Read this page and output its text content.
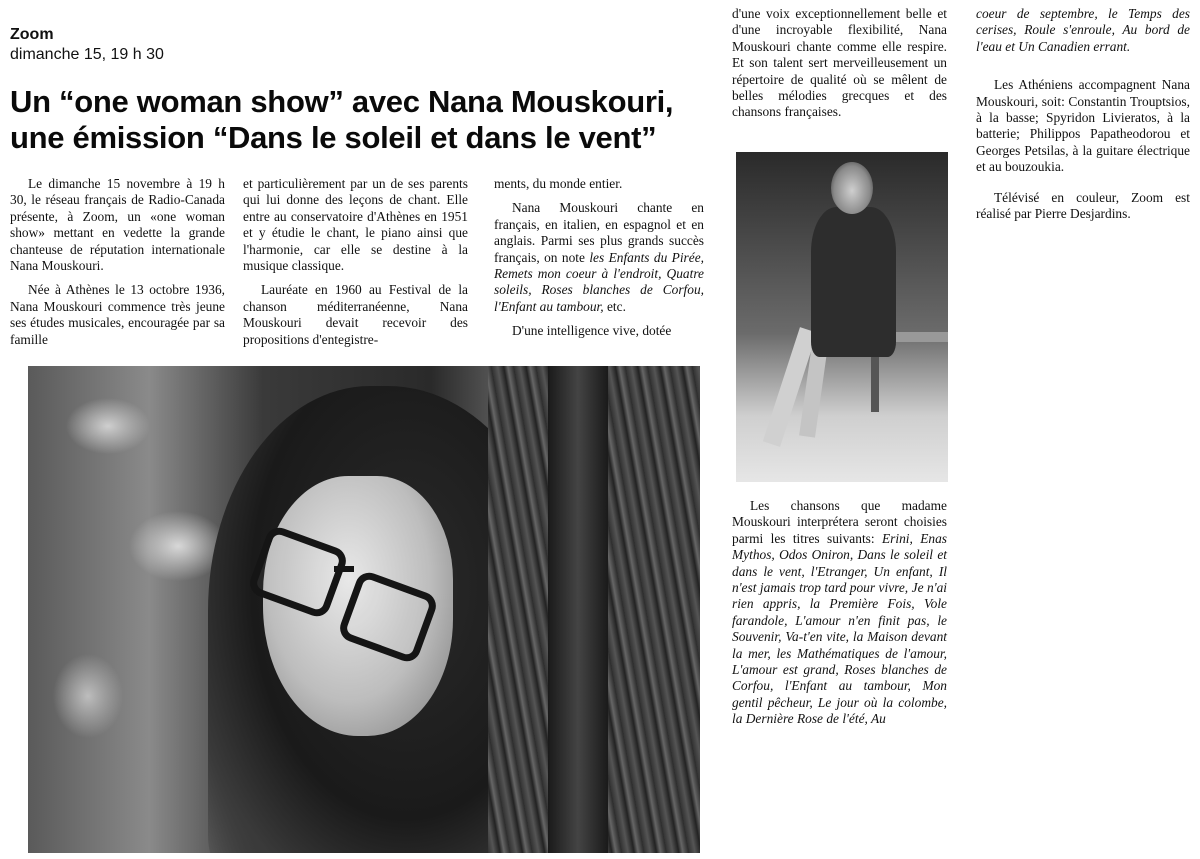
Zoom
dimanche 15, 19 h 30
Un “one woman show” avec Nana Mouskouri,
une émission “Dans le soleil et dans le vent”

Le dimanche 15 novembre à 19 h 30, le réseau français de Radio-Canada présente, à Zoom, un «one woman show» mettant en vedette la grande chanteuse de réputation internationale Nana Mouskouri.

Née à Athènes le 13 octobre 1936, Nana Mouskouri commence très jeune ses études musicales, encouragée par sa famille

et particulièrement par un de ses parents qui lui donne des leçons de chant. Elle entre au conservatoire d'Athènes en 1951 et y étudie le chant, le piano ainsi que l'harmonie, car elle se destine à la musique classique.

Lauréate en 1960 au Festival de la chanson méditerranéenne, Nana Mouskouri devait recevoir des propositions d'entegistre-

ments, du monde entier.

Nana Mouskouri chante en français, en italien, en espagnol et en anglais. Parmi ses plus grands succès français, on note les Enfants du Pirée, Remets mon coeur à l'endroit, Quatre soleils, Roses blanches de Corfou, l'Enfant au tambour, etc.

D'une intelligence vive, dotée

d'une voix exceptionnellement belle et d'une incroyable flexibilité, Nana Mouskouri chante comme elle respire. Et son talent sert merveilleusement un répertoire de qualité où se mêlent de belles mélodies grecques et des chansons françaises.

Les chansons que madame Mouskouri interprétera seront choisies parmi les titres suivants: Erini, Enas Mythos, Odos Oniron, Dans le soleil et dans le vent, l'Etranger, Un enfant, Il n'est jamais trop tard pour vivre, Je n'ai rien appris, la Première Fois, Vole farandole, L'amour n'en finit pas, le Souvenir, Va-t'en vite, la Maison devant la mer, les Mathématiques de l'amour, L'amour est grand, Roses blanches de Corfou, l'Enfant au tambour, Mon gentil pêcheur, Le jour où la colombe, la Dernière Rose de l'été, Au

coeur de septembre, le Temps des cerises, Roule s'enroule, Au bord de l'eau et Un Canadien errant.

Les Athéniens accompagnent Nana Mouskouri, soit: Constantin Trouptsios, à la basse; Spyridon Livieratos, à la batterie; Philippos Papatheodorou et Georges Petsilas, à la guitare électrique et au bouzoukia.

Télévisé en couleur, Zoom est réalisé par Pierre Desjardins.
